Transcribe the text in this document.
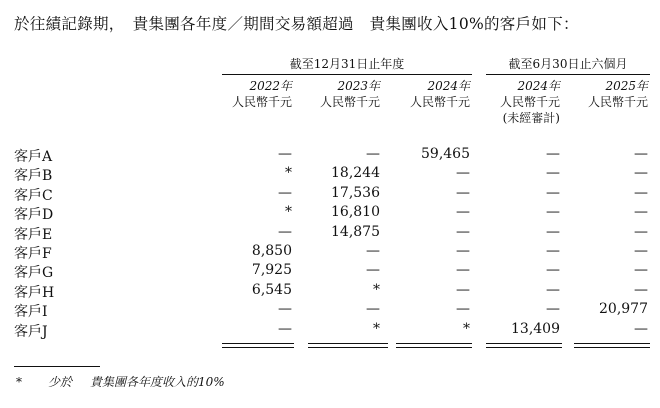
於往績記錄期，　貴集團各年度／期間交易額超過　貴集團收入10%的客戶如下：
截至12月31日止年度	截至6月30日止六個月
2022年
人民幣千元
2023年
人民幣千元
2024年
人民幣千元
2024年
人民幣千元
(未經審計)
2025年
人民幣千元
客戶A	—	—	59,465	—	—
客戶B	*	18,244	—	—	—
客戶C	—	17,536	—	—	—
客戶D	*	16,810	—	—	—
客戶E	—	14,875	—	—	—
客戶F	8,850	—	—	—	—
客戶G	7,925	—	—	—	—
客戶H	6,545	*	—	—	—
客戶I	—	—	—	—	20,977
客戶J	—	*	*	13,409	—
* 少於 貴集團各年度收入的10%
